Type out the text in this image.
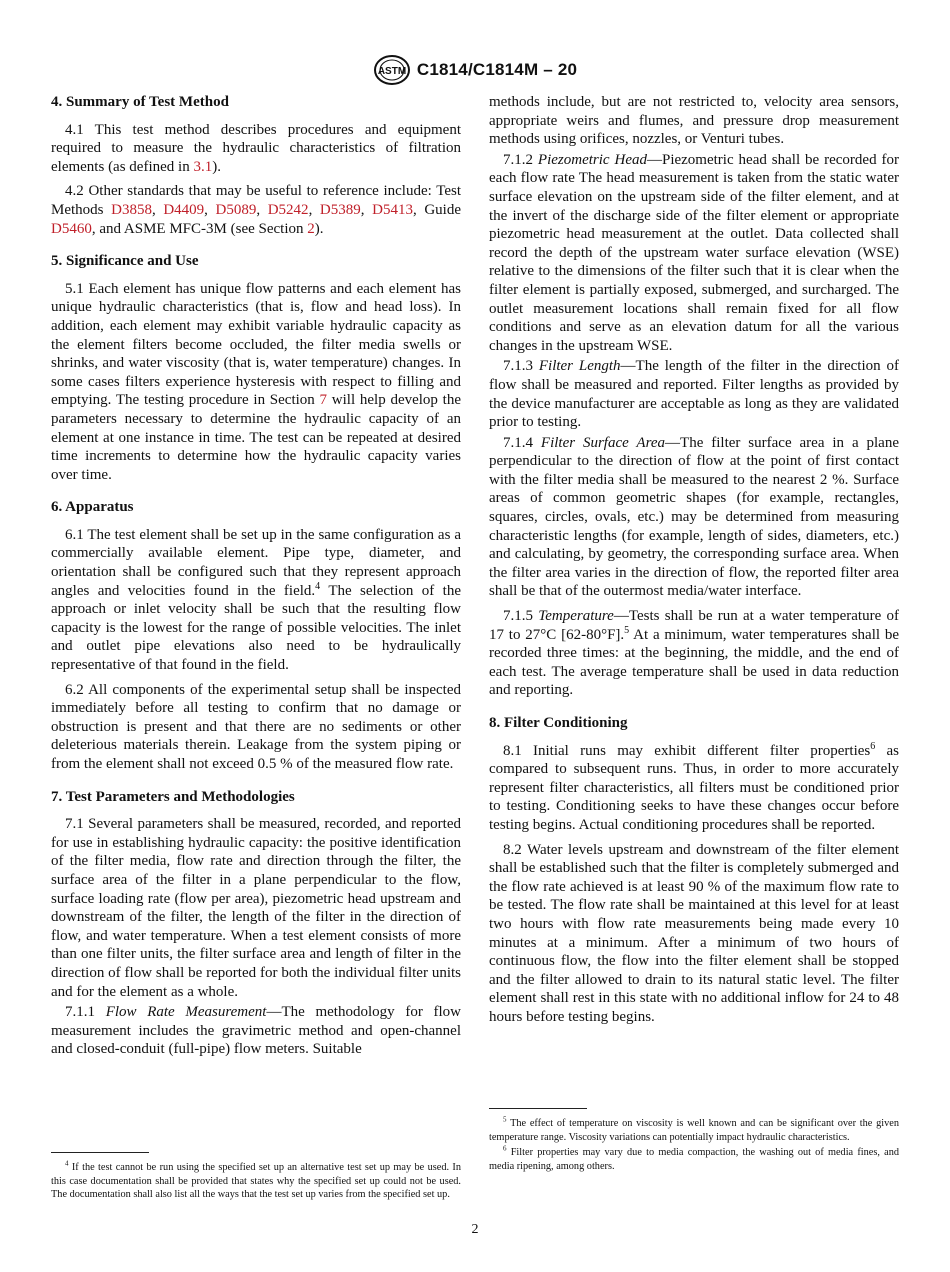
ASTM C1814/C1814M – 20
4. Summary of Test Method

4.1 This test method describes procedures and equipment required to measure the hydraulic characteristics of filtration elements (as defined in 3.1).

4.2 Other standards that may be useful to reference include: Test Methods D3858, D4409, D5089, D5242, D5389, D5413, Guide D5460, and ASME MFC-3M (see Section 2).

5. Significance and Use

5.1 Each element has unique flow patterns and each element has unique hydraulic characteristics (that is, flow and head loss). In addition, each element may exhibit variable hydraulic capacity as the element filters become occluded, the filter media swells or shrinks, and water viscosity (that is, water temperature) changes. In some cases filters experience hysteresis with respect to filling and emptying. The testing procedure in Section 7 will help develop the parameters necessary to determine the hydraulic capacity of an element at one instance in time. The test can be repeated at desired time increments to determine how the hydraulic capacity varies over time.

6. Apparatus

6.1 The test element shall be set up in the same configuration as a commercially available element. Pipe type, diameter, and orientation shall be configured such that they represent approach angles and velocities found in the field.$^4$ The selection of the approach or inlet velocity shall be such that the resulting flow capacity is the lowest for the range of possible velocities. The inlet and outlet pipe elevations also need to be hydraulically representative of that found in the field.

6.2 All components of the experimental setup shall be inspected immediately before all testing to confirm that no damage or obstruction is present and that there are no sediments or other deleterious materials therein. Leakage from the system piping or from the element shall not exceed 0.5 % of the measured flow rate.

7. Test Parameters and Methodologies

7.1 Several parameters shall be measured, recorded, and reported for use in establishing hydraulic capacity: the positive identification of the filter media, flow rate and direction through the filter, the surface area of the filter in a plane perpendicular to the flow, surface loading rate (flow per area), piezometric head upstream and downstream of the filter, the length of the filter in the direction of flow, and water temperature. When a test element consists of more than one filter units, the filter surface area and length of filter in the direction of flow shall be reported for both the individual filter units and for the element as a whole.

7.1.1 Flow Rate Measurement—The methodology for flow measurement includes the gravimetric method and open-channel and closed-conduit (full-pipe) flow meters. Suitable

$^4$ If the test cannot be run using the specified set up an alternative test set up may be used. In this case documentation shall be provided that states why the specified set up could not be used. The documentation shall also list all the ways that the test set up varies from the specified set up.

methods include, but are not restricted to, velocity area sensors, appropriate weirs and flumes, and pressure drop measurement methods using orifices, nozzles, or Venturi tubes.

7.1.2 Piezometric Head—Piezometric head shall be recorded for each flow rate The head measurement is taken from the static water surface elevation on the upstream side of the filter element, and at the invert of the discharge side of the filter element or appropriate piezometric head measurement at the outlet. Data collected shall record the depth of the upstream water surface elevation (WSE) relative to the dimensions of the filter such that it is clear when the filter element is partially exposed, submerged, and surcharged. The outlet measurement locations shall remain fixed for all flow conditions and serve as an elevation datum for all the various changes in the upstream WSE.

7.1.3 Filter Length—The length of the filter in the direction of flow shall be measured and reported. Filter lengths as provided by the device manufacturer are acceptable as long as they are validated prior to testing.

7.1.4 Filter Surface Area—The filter surface area in a plane perpendicular to the direction of flow at the point of first contact with the filter media shall be measured to the nearest 2 %. Surface areas of common geometric shapes (for example, rectangles, squares, circles, ovals, etc.) may be determined from measuring characteristic lengths (for example, length of sides, diameters, etc.) and calculating, by geometry, the corresponding surface area. When the filter area varies in the direction of flow, the reported filter area shall be that of the outermost media/water interface.

7.1.5 Temperature—Tests shall be run at a water temperature of 17 to 27°C [62-80°F].$^5$ At a minimum, water temperatures shall be recorded three times: at the beginning, the middle, and the end of each test. The average temperature shall be used in data reduction and reporting.

8. Filter Conditioning

8.1 Initial runs may exhibit different filter properties$^6$ as compared to subsequent runs. Thus, in order to more accurately represent filter characteristics, all filters must be conditioned prior to testing. Conditioning seeks to have these changes occur before testing begins. Actual conditioning procedures shall be reported.

8.2 Water levels upstream and downstream of the filter element shall be established such that the filter is completely submerged and the flow rate achieved is at least 90 % of the maximum flow rate to be tested. The flow rate shall be maintained at this level for at least two hours with flow rate measurements being made every 10 minutes at a minimum. After a minimum of two hours of continuous flow, the flow into the filter element shall be stopped and the filter allowed to drain to its natural static level. The filter element shall rest in this state with no additional inflow for 24 to 48 hours before testing begins.

$^5$ The effect of temperature on viscosity is well known and can be significant over the given temperature range. Viscosity variations can potentially impact hydraulic characteristics.

$^6$ Filter properties may vary due to media compaction, the washing out of media fines, and media ripening, among others.

2
